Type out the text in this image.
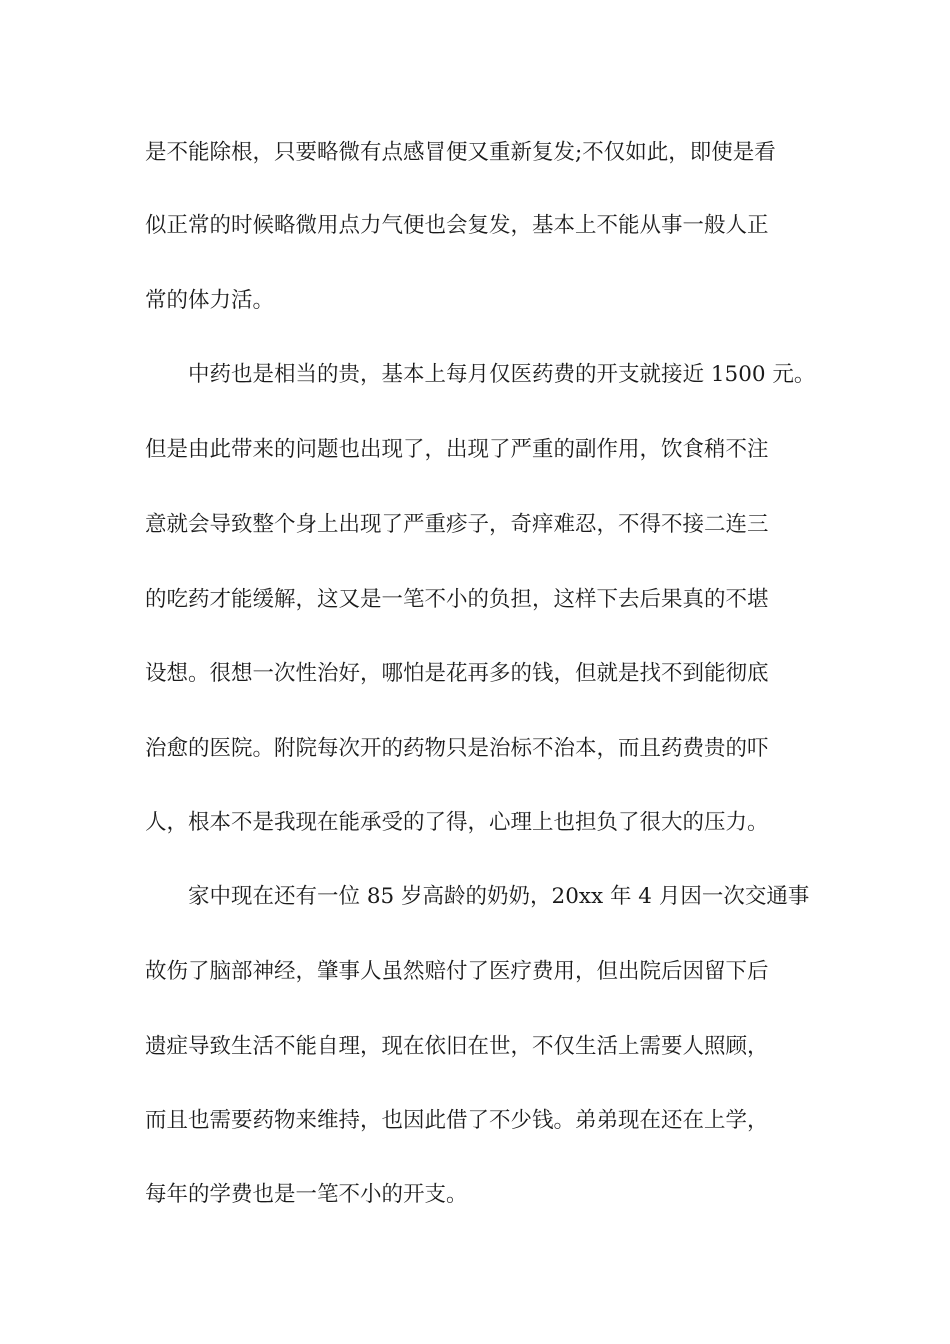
是不能除根，只要略微有点感冒便又重新复发;不仅如此，即使是看
似正常的时候略微用点力气便也会复发，基本上不能从事一般人正
常的体力活。
中药也是相当的贵，基本上每月仅医药费的开支就接近 1500 元。
但是由此带来的问题也出现了，出现了严重的副作用，饮食稍不注
意就会导致整个身上出现了严重疹子，奇痒难忍，不得不接二连三
的吃药才能缓解，这又是一笔不小的负担，这样下去后果真的不堪
设想。很想一次性治好，哪怕是花再多的钱，但就是找不到能彻底
治愈的医院。附院每次开的药物只是治标不治本，而且药费贵的吓
人，根本不是我现在能承受的了得，心理上也担负了很大的压力。
家中现在还有一位 85 岁高龄的奶奶，20xx 年 4 月因一次交通事
故伤了脑部神经，肇事人虽然赔付了医疗费用，但出院后因留下后
遗症导致生活不能自理，现在依旧在世，不仅生活上需要人照顾，
而且也需要药物来维持，也因此借了不少钱。弟弟现在还在上学，
每年的学费也是一笔不小的开支。
